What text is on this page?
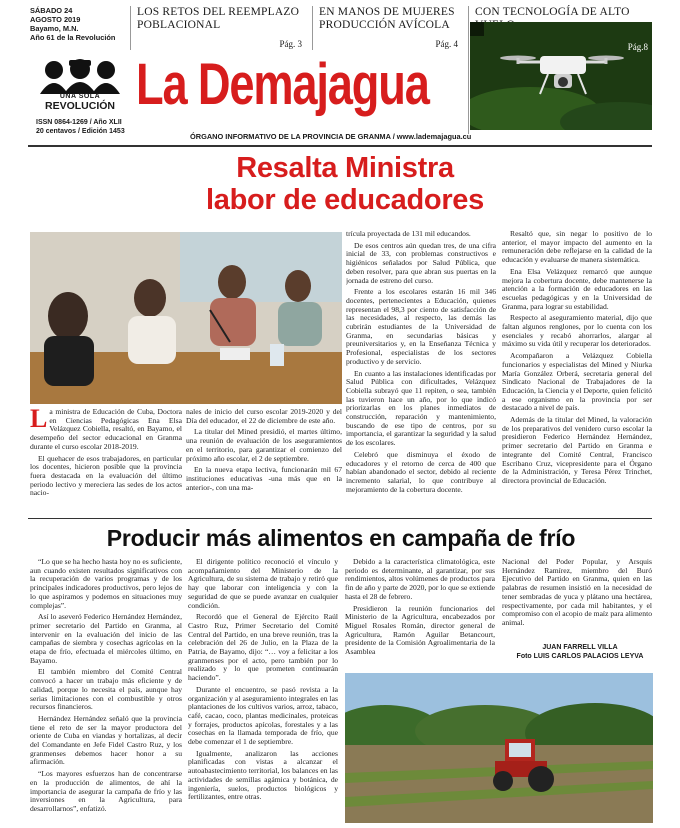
SÁBADO 24
AGOSTO 2019
Bayamo, M.N.
Año 61 de la Revolución
LOS RETOS DEL REEMPLAZO POBLACIONAL
Pág. 3
EN MANOS DE MUJERES PRODUCCIÓN AVÍCOLA
Pág. 4
CON TECNOLOGÍA DE ALTO

Pág.8
UNA SOLA
REVOLUCIÓN
ISSN 0864-1269 / Año XLII
20 centavos / Edición 1453
La Demajagua
ÓRGANO INFORMATIVO DE LA PROVINCIA DE GRANMA / www.lademajagua.cu
Resalta Ministra
labor de educadores

La ministra de Educación de Cuba, Doctora en Ciencias Pedagógicas Ena Elsa Velázquez Cobiella, resaltó, en Bayamo, el desempeño del sector educacional en Granma durante el curso escolar 2018-2019.

El quehacer de esos trabajadores, en particular los docentes, hicieron posible que la provincia fuera destacada en la evaluación del último periodo lectivo y mereciera las sedes de los actos nacio-

nales de inicio del curso escolar 2019-2020 y del Día del educador, el 22 de diciembre de este año.

La titular del Mined presidió, el martes último, una reunión de evaluación de los aseguramientos en el territorio, para garantizar el comienzo del próximo año escolar, el 2 de septiembre.

En la nueva etapa lectiva, funcionarán mil 67 instituciones educativas -una más que en la anterior-, con una ma-

trícula proyectada de 131 mil educandos.

De esos centros aún quedan tres, de una cifra inicial de 33, con problemas constructivos e higiénicos señalados por Salud Pública, que deben resolver, para que abran sus puertas en la jornada de estreno del curso.

Frente a los escolares estarán 16 mil 346 docentes, pertenecientes a Educación, quienes representan el 98,3 por ciento de satisfacción de las necesidades, al respecto, las demás las cubrirán estudiantes de la Universidad de Granma, en secundarias básicas y preuniversitarios y, en la Enseñanza Técnica y Profesional, especialistas de los sectores productivo y de servicio.

En cuanto a las instalaciones identificadas por Salud Pública con dificultades, Velázquez Cobiella subrayó que 11 repiten, o sea, también las tuvieron hace un año, por lo que indicó priorizarlas en los planes inmediatos de construcción, reparación y mantenimiento, buscando de ese tipo de centros, por su importancia, el garantizar la seguridad y la salud de los escolares.

Celebró que disminuya el éxodo de educadores y el retorno de cerca de 400 que habían abandonado el sector, debido al reciente incremento salarial, lo que contribuye al mejoramiento de la cobertura docente.

Resaltó que, sin negar lo positivo de lo anterior, el mayor impacto del aumento en la remuneración debe reflejarse en la calidad de la educación y evaluarse de manera sistemática.

Ena Elsa Velázquez remarcó que aunque mejora la cobertura docente, debe mantenerse la atención a la formación de educadores en las escuelas pedagógicas y en la Universidad de Granma, para lograr su estabilidad.

Respecto al aseguramiento material, dijo que faltan algunos renglones, por lo cuenta con los esenciales y recabó ahorrarlos, alargar al máximo su vida útil y recuperar los deteriorados.

Acompañaron a Velázquez Cobiella funcionarios y especialistas del Mined y Niurka María González Orberá, secretaria general del Sindicato Nacional de Trabajadores de la Educación, la Ciencia y el Deporte, quien felicitó a ese organismo en la provincia por ser destacado a nivel de país.

Además de la titular del Mined, la valoración de los preparativos del venidero curso escolar la presidieron Federico Hernández Hernández, primer secretario del Partido en Granma e integrante del Comité Central, Francisco Escribano Cruz, vicepresidente para el Órgano de la Administración, y Teresa Pérez Trinchet, directora provincial de Educación.

Producir más alimentos en campaña de frío

“Lo que se ha hecho hasta hoy no es suficiente, aun cuando existen resultados significativos con la recuperación de varios programas y de los principales indicadores productivos, pero lejos de lo que aspiramos y podemos en situaciones muy complejas”.

Así lo aseveró Federico Hernández Hernández, primer secretario del Partido en Granma, al intervenir en la evaluación del inicio de las campañas de siembra y cosechas agrícolas en la etapa de frío, efectuada el miércoles último, en Bayamo.

El también miembro del Comité Central convocó a hacer un trabajo más eficiente y de calidad, porque lo necesita el país, aunque hay serias limitaciones con el combustible y otros recursos financieros.

Hernández Hernández señaló que la provincia tiene el reto de ser la mayor productora del oriente de Cuba en viandas y hortalizas, al decir del Comandante en Jefe Fidel Castro Ruz, y los granmenses debemos hacer honor a su afirmación.

“Los mayores esfuerzos han de concentrarse en la producción de alimentos, de ahí la importancia de asegurar la campaña de frío y las inversiones en la Agricultura, para desarrollarnos”, enfatizó.

El dirigente político reconoció el vínculo y acompañamiento del Ministerio de la Agricultura, de su sistema de trabajo y retiró que hay que laborar con inteligencia y con la seguridad de que se puede avanzar en cualquier condición.

Recordó que el General de Ejército Raúl Castro Ruz, Primer Secretario del Comité Central del Partido, en una breve reunión, tras la celebración del 26 de Julio, en la Plaza de la Patria, de Bayamo, dijo: “… voy a felicitar a los granmenses por el acto, pero también por lo realizado y lo que prometen continuarán haciendo”.

Durante el encuentro, se pasó revista a la organización y al aseguramiento integrales en las plantaciones de los cultivos varios, arroz, tabaco, café, cacao, coco, plantas medicinales, proteicas y forrajes, productos apícolas, forestales y a las cosechas en la llamada temporada de frío, que debe comenzar el 1 de septiembre.

Igualmente, analizaron las acciones planificadas con vistas a alcanzar el autoabastecimiento territorial, los balances en las actividades de semillas agámica y botánica, de ingeniería, suelos, productos biológicos y fertilizantes, entre otras.

Debido a la característica climatológica, este periodo es determinante, al garantizar, por sus rendimientos, altos volúmenes de productos para fin de año y parte de 2020, por lo que se extiende hasta el 28 de febrero.

Presidieron la reunión funcionarios del Ministerio de la Agricultura, encabezados por Miguel Rosales Román, director general de Agricultura, Ramón Aguilar Betancourt, presidente de la Comisión Agroalimentaria de la Asamblea

Nacional del Poder Popular, y Arsquis Hernández Ramírez, miembro del Buró Ejecutivo del Partido en Granma, quien en las palabras de resumen insistió en la necesidad de tener sembradas de yuca y plátano una hectárea, respectivamente, por cada mil habitantes, y el compromiso con el acopio de maíz para alimento animal.

JUAN FARRELL VILLA
Foto LUIS CARLOS PALACIOS LEYVA
